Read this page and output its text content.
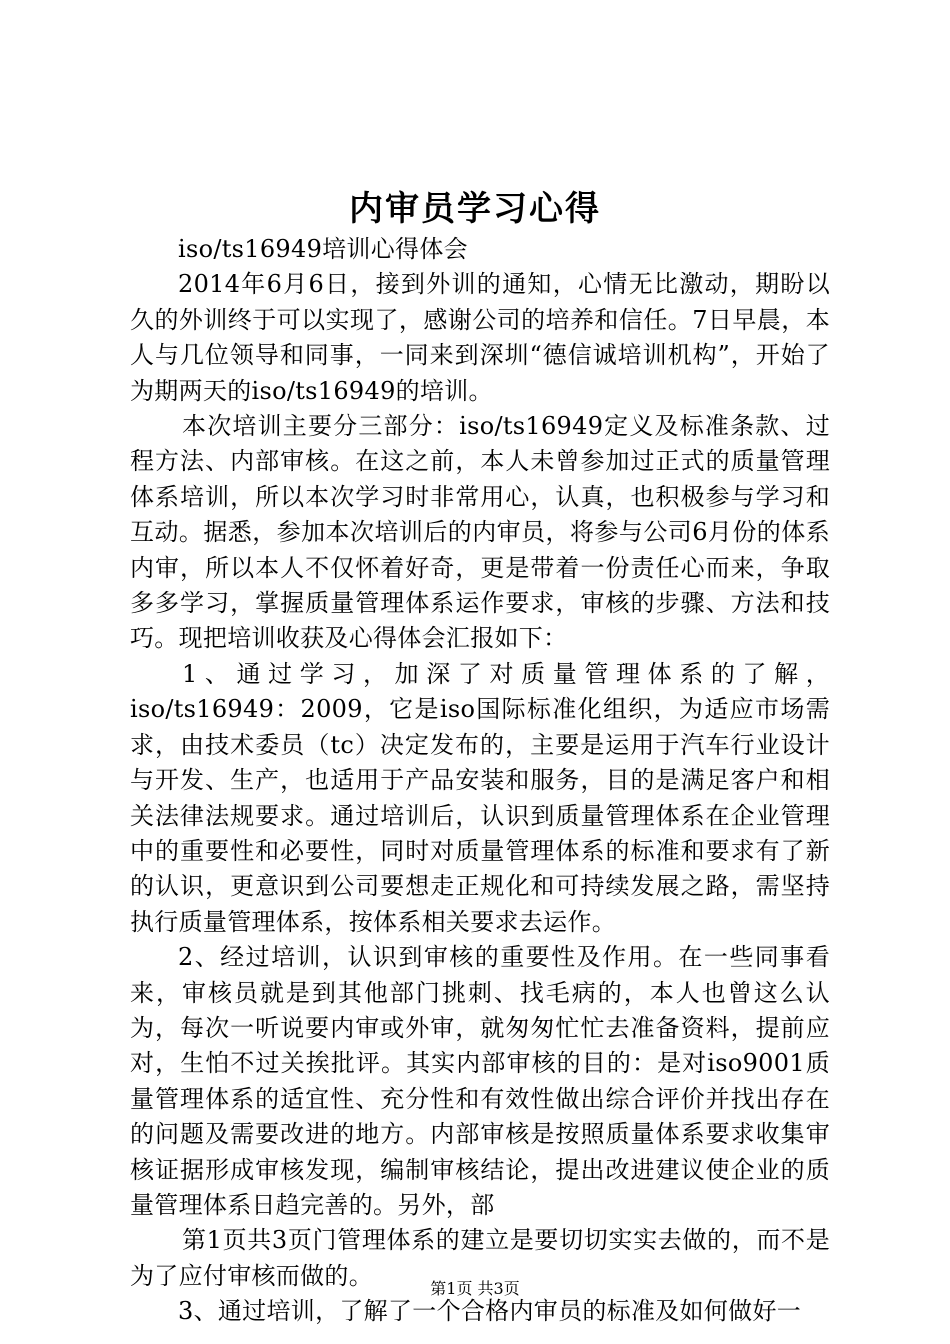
内审员学习心得

iso/ts16949培训心得体会

2014年6月6日，接到外训的通知，心情无比激动，期盼以久的外训终于可以实现了，感谢公司的培养和信任。7日早晨，本人与几位领导和同事，一同来到深圳“德信诚培训机构”，开始了为期两天的iso/ts16949的培训。

本次培训主要分三部分：iso/ts16949定义及标准条款、过程方法、内部审核。在这之前，本人未曾参加过正式的质量管理体系培训，所以本次学习时非常用心，认真，也积极参与学习和互动。据悉，参加本次培训后的内审员，将参与公司6月份的体系内审，所以本人不仅怀着好奇，更是带着一份责任心而来，争取多多学习，掌握质量管理体系运作要求，审核的步骤、方法和技巧。现把培训收获及心得体会汇报如下：

1、通过学习，加深了对质量管理体系的了解，iso/ts16949：2009，它是iso国际标准化组织，为适应市场需求，由技术委员（tc）决定发布的，主要是运用于汽车行业设计与开发、生产，也适用于产品安装和服务，目的是满足客户和相关法律法规要求。通过培训后，认识到质量管理体系在企业管理中的重要性和必要性，同时对质量管理体系的标准和要求有了新的认识，更意识到公司要想走正规化和可持续发展之路，需坚持执行质量管理体系，按体系相关要求去运作。

2、经过培训，认识到审核的重要性及作用。在一些同事看来，审核员就是到其他部门挑刺、找毛病的，本人也曾这么认为，每次一听说要内审或外审，就匆匆忙忙去准备资料，提前应对，生怕不过关挨批评。其实内部审核的目的：是对iso9001质量管理体系的适宜性、充分性和有效性做出综合评价并找出存在的问题及需要改进的地方。内部审核是按照质量体系要求收集审核证据形成审核发现，编制审核结论，提出改进建议使企业的质量管理体系日趋完善的。另外，部

第1页共3页门管理体系的建立是要切切实实去做的，而不是为了应付审核而做的。

3、通过培训，了解了一个合格内审员的标准及如何做好一

第1页 共3页
